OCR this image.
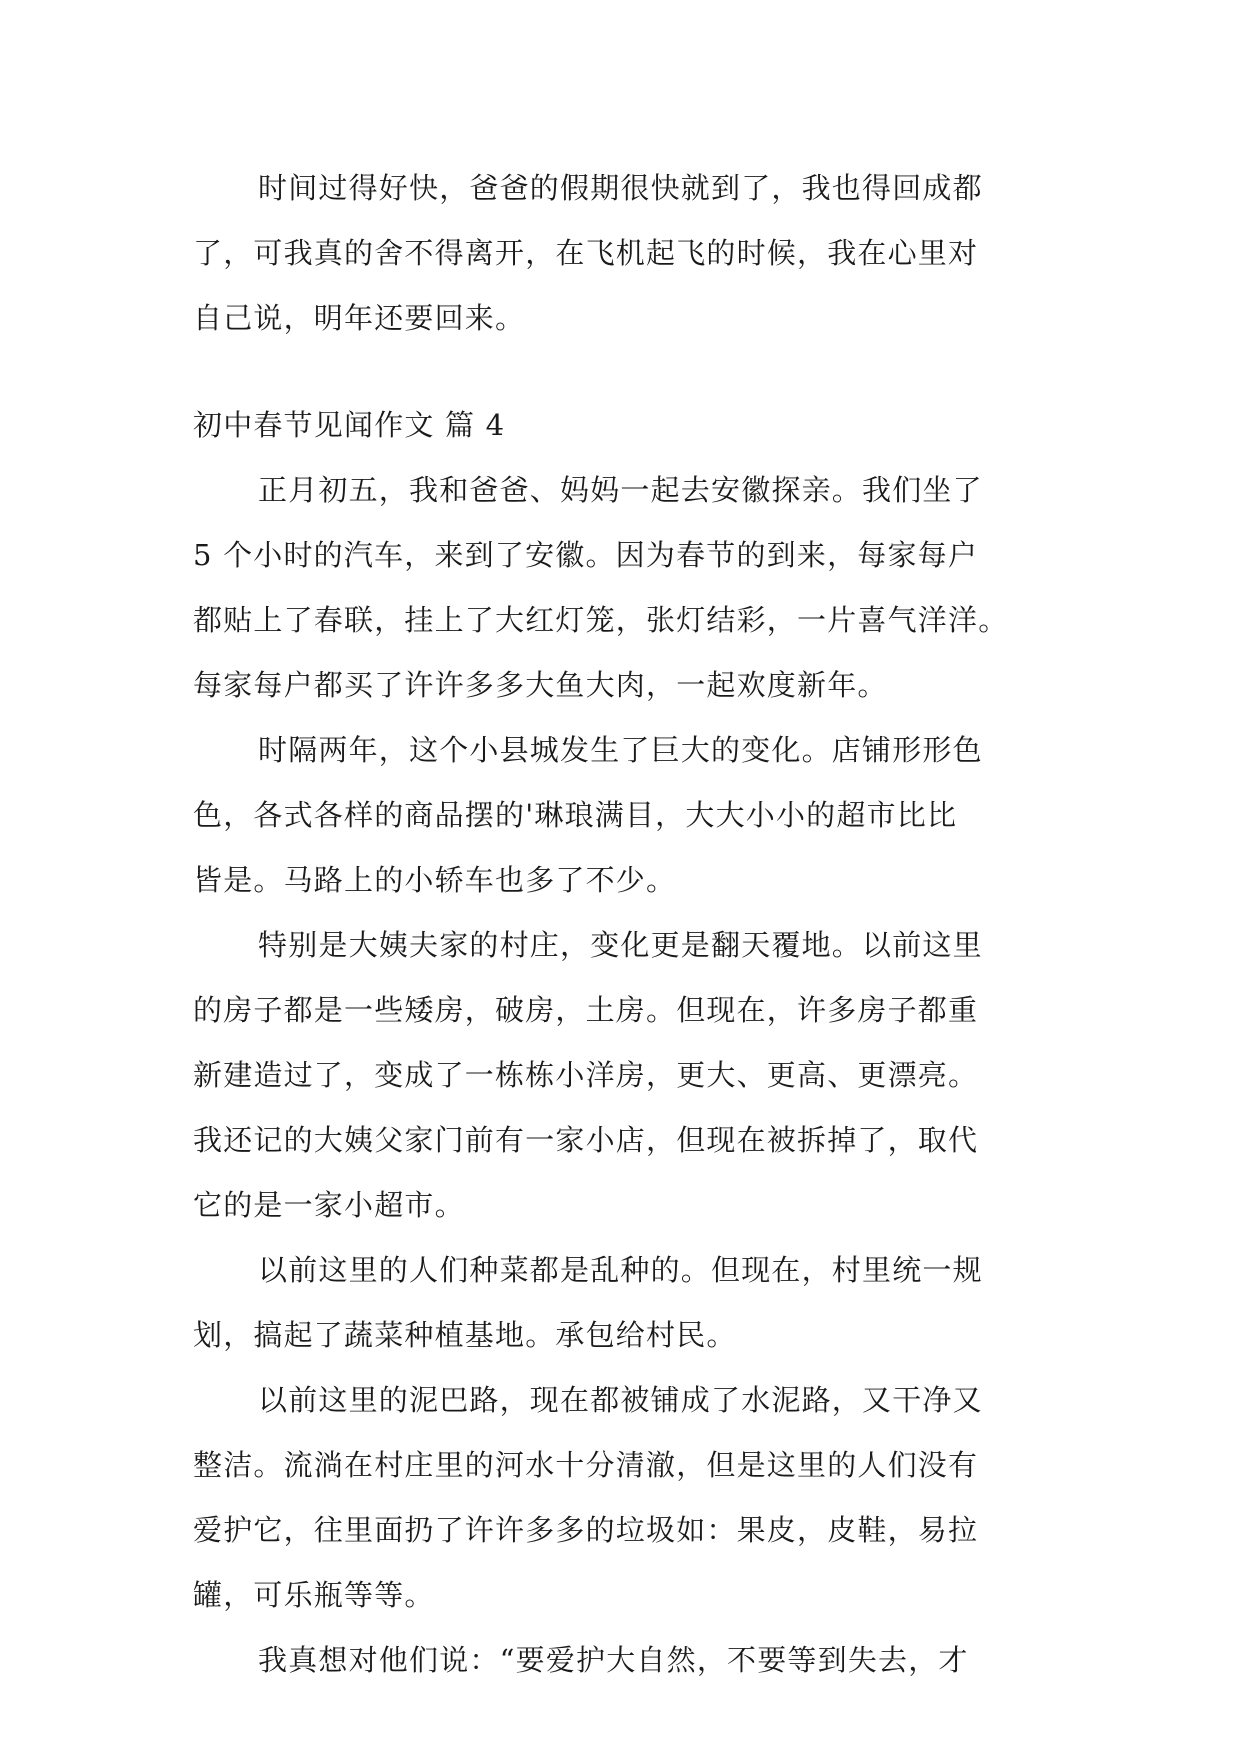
时间过得好快，爸爸的假期很快就到了，我也得回成都
了，可我真的舍不得离开，在飞机起飞的时候，我在心里对
自己说，明年还要回来。
初中春节见闻作文 篇 4
正月初五，我和爸爸、妈妈一起去安徽探亲。我们坐了
5 个小时的汽车，来到了安徽。因为春节的到来，每家每户
都贴上了春联，挂上了大红灯笼，张灯结彩，一片喜气洋洋。
每家每户都买了许许多多大鱼大肉，一起欢度新年。
时隔两年，这个小县城发生了巨大的变化。店铺形形色
色，各式各样的商品摆的'琳琅满目，大大小小的超市比比
皆是。马路上的小轿车也多了不少。
特别是大姨夫家的村庄，变化更是翻天覆地。以前这里
的房子都是一些矮房，破房，土房。但现在，许多房子都重
新建造过了，变成了一栋栋小洋房，更大、更高、更漂亮。
我还记的大姨父家门前有一家小店，但现在被拆掉了，取代
它的是一家小超市。
以前这里的人们种菜都是乱种的。但现在，村里统一规
划，搞起了蔬菜种植基地。承包给村民。
以前这里的泥巴路，现在都被铺成了水泥路，又干净又
整洁。流淌在村庄里的河水十分清澈，但是这里的人们没有
爱护它，往里面扔了许许多多的垃圾如：果皮，皮鞋，易拉
罐，可乐瓶等等。
我真想对他们说：“要爱护大自然，不要等到失去，才
